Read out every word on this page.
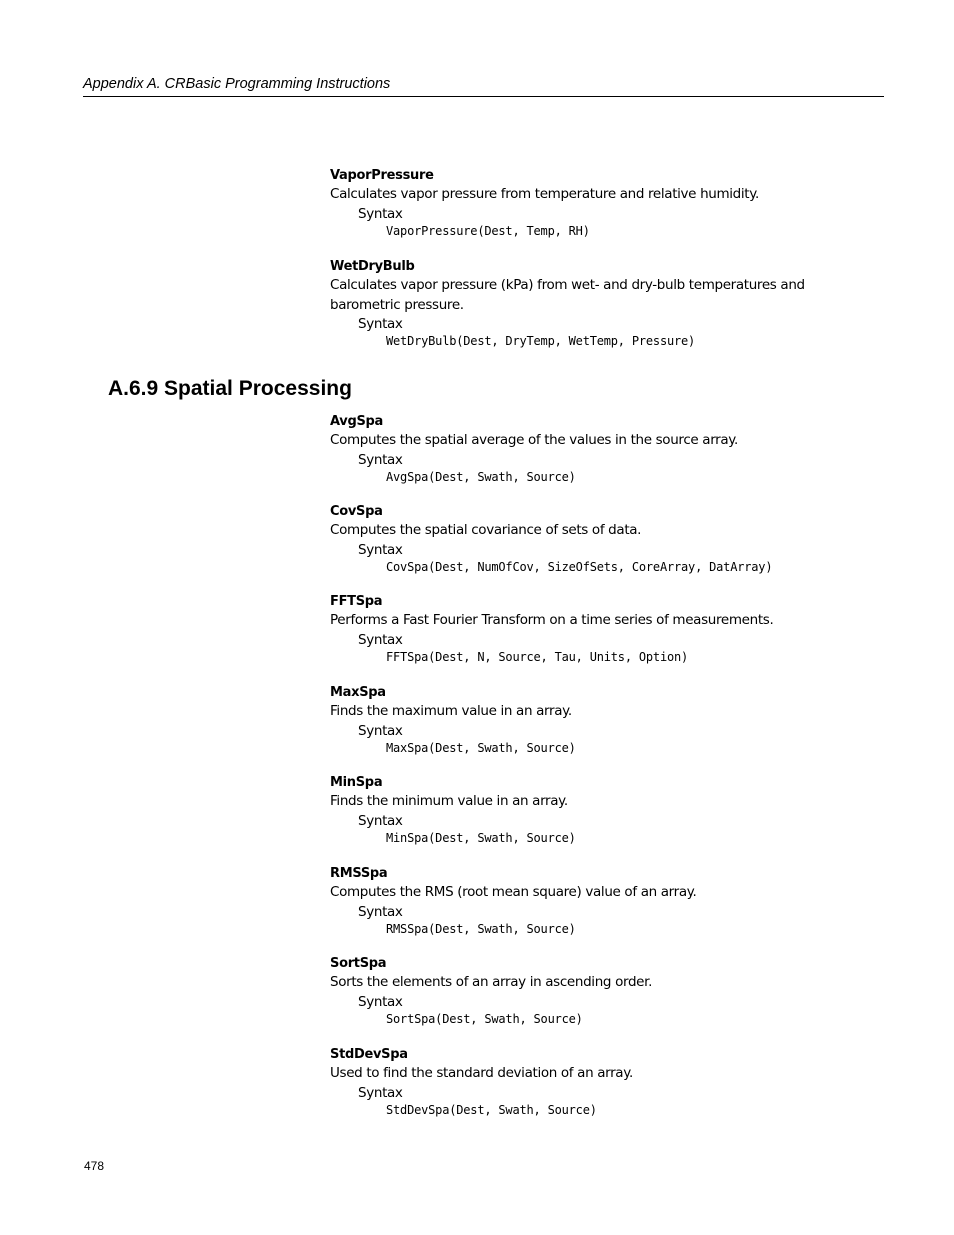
Appendix A. CRBasic Programming Instructions
VaporPressure
Calculates vapor pressure from temperature and relative humidity.
Syntax
VaporPressure(Dest, Temp, RH)
WetDryBulb
Calculates vapor pressure (kPa) from wet- and dry-bulb temperatures and barometric pressure.
Syntax
WetDryBulb(Dest, DryTemp, WetTemp, Pressure)
A.6.9 Spatial Processing
AvgSpa
Computes the spatial average of the values in the source array.
Syntax
AvgSpa(Dest, Swath, Source)
CovSpa
Computes the spatial covariance of sets of data.
Syntax
CovSpa(Dest, NumOfCov, SizeOfSets, CoreArray, DatArray)
FFTSpa
Performs a Fast Fourier Transform on a time series of measurements.
Syntax
FFTSpa(Dest, N, Source, Tau, Units, Option)
MaxSpa
Finds the maximum value in an array.
Syntax
MaxSpa(Dest, Swath, Source)
MinSpa
Finds the minimum value in an array.
Syntax
MinSpa(Dest, Swath, Source)
RMSSpa
Computes the RMS (root mean square) value of an array.
Syntax
RMSSpa(Dest, Swath, Source)
SortSpa
Sorts the elements of an array in ascending order.
Syntax
SortSpa(Dest, Swath, Source)
StdDevSpa
Used to find the standard deviation of an array.
Syntax
StdDevSpa(Dest, Swath, Source)
478
